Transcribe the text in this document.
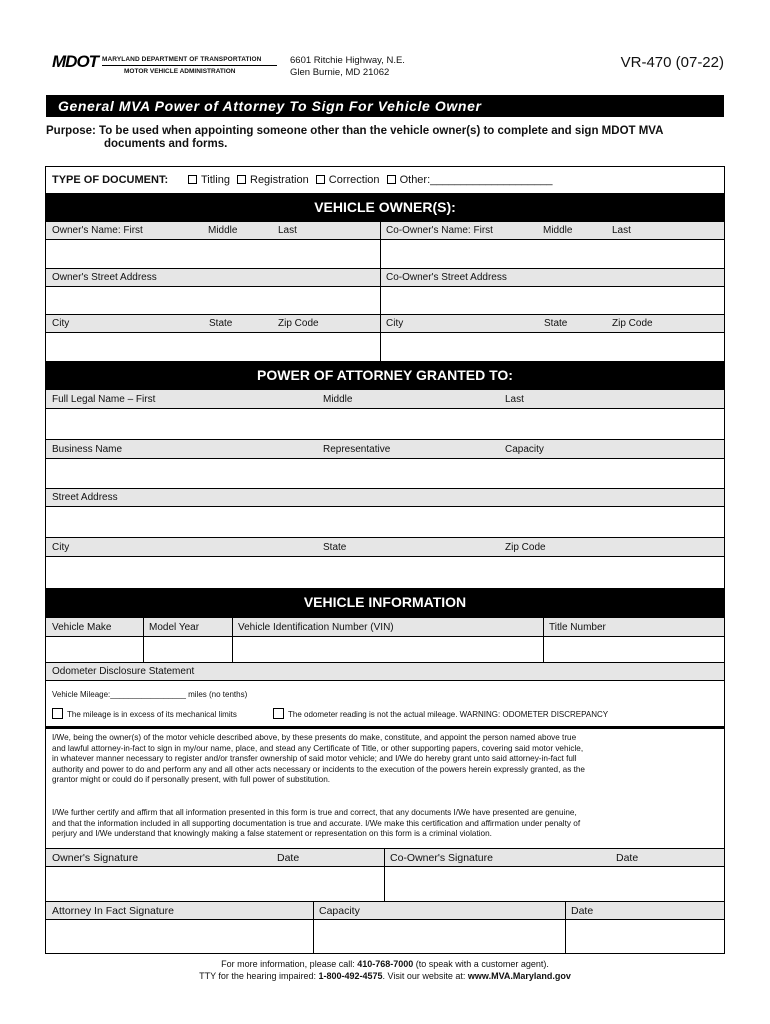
MDOT MARYLAND DEPARTMENT OF TRANSPORTATION
MOTOR VEHICLE ADMINISTRATION
6601 Ritchie Highway, N.E.
Glen Burnie, MD 21062
VR-470 (07-22)
General MVA Power of Attorney To Sign For Vehicle Owner
Purpose: To be used when appointing someone other than the vehicle owner(s) to complete and sign MDOT MVA
documents and forms.
TYPE OF DOCUMENT:	Titling Registration Correction Other:____________________
VEHICLE OWNER(S):
Owner's Name: First	Middle	Last	Co-Owner's Name: First	Middle	Last
Owner's Street Address	Co-Owner's Street Address
City	State	Zip Code	City	State	Zip Code
POWER OF ATTORNEY GRANTED TO:
Full Legal Name – First	Middle	Last
Business Name	Representative	Capacity
Street Address
City	State	Zip Code
VEHICLE INFORMATION
Vehicle Make	Model Year	Vehicle Identification Number (VIN)	Title Number
Odometer Disclosure Statement
Vehicle Mileage:_________________ miles (no tenths)
The mileage is in excess of its mechanical limits	The odometer reading is not the actual mileage. WARNING: ODOMETER DISCREPANCY
I/We, being the owner(s) of the motor vehicle described above, by these presents do make, constitute, and appoint the person named above true
and lawful attorney-in-fact to sign in my/our name, place, and stead any Certificate of Title, or other supporting papers, covering said motor vehicle,
in whatever manner necessary to register and/or transfer ownership of said motor vehicle; and I/We do hereby grant unto said attorney-in-fact full
authority and power to do and perform any and all other acts necessary or incidents to the execution of the powers herein expressly granted, as the
grantor might or could do if personally present, with full power of substitution.
I/We further certify and affirm that all information presented in this form is true and correct, that any documents I/We have presented are genuine,
and that the information included in all supporting documentation is true and accurate. I/We make this certification and affirmation under penalty of
perjury and I/We understand that knowingly making a false statement or representation on this form is a criminal violation.
Owner's Signature	Date	Co-Owner's Signature	Date
Attorney In Fact Signature	Capacity	Date
For more information, please call: 410-768-7000 (to speak with a customer agent).
TTY for the hearing impaired: 1-800-492-4575. Visit our website at: www.MVA.Maryland.gov
